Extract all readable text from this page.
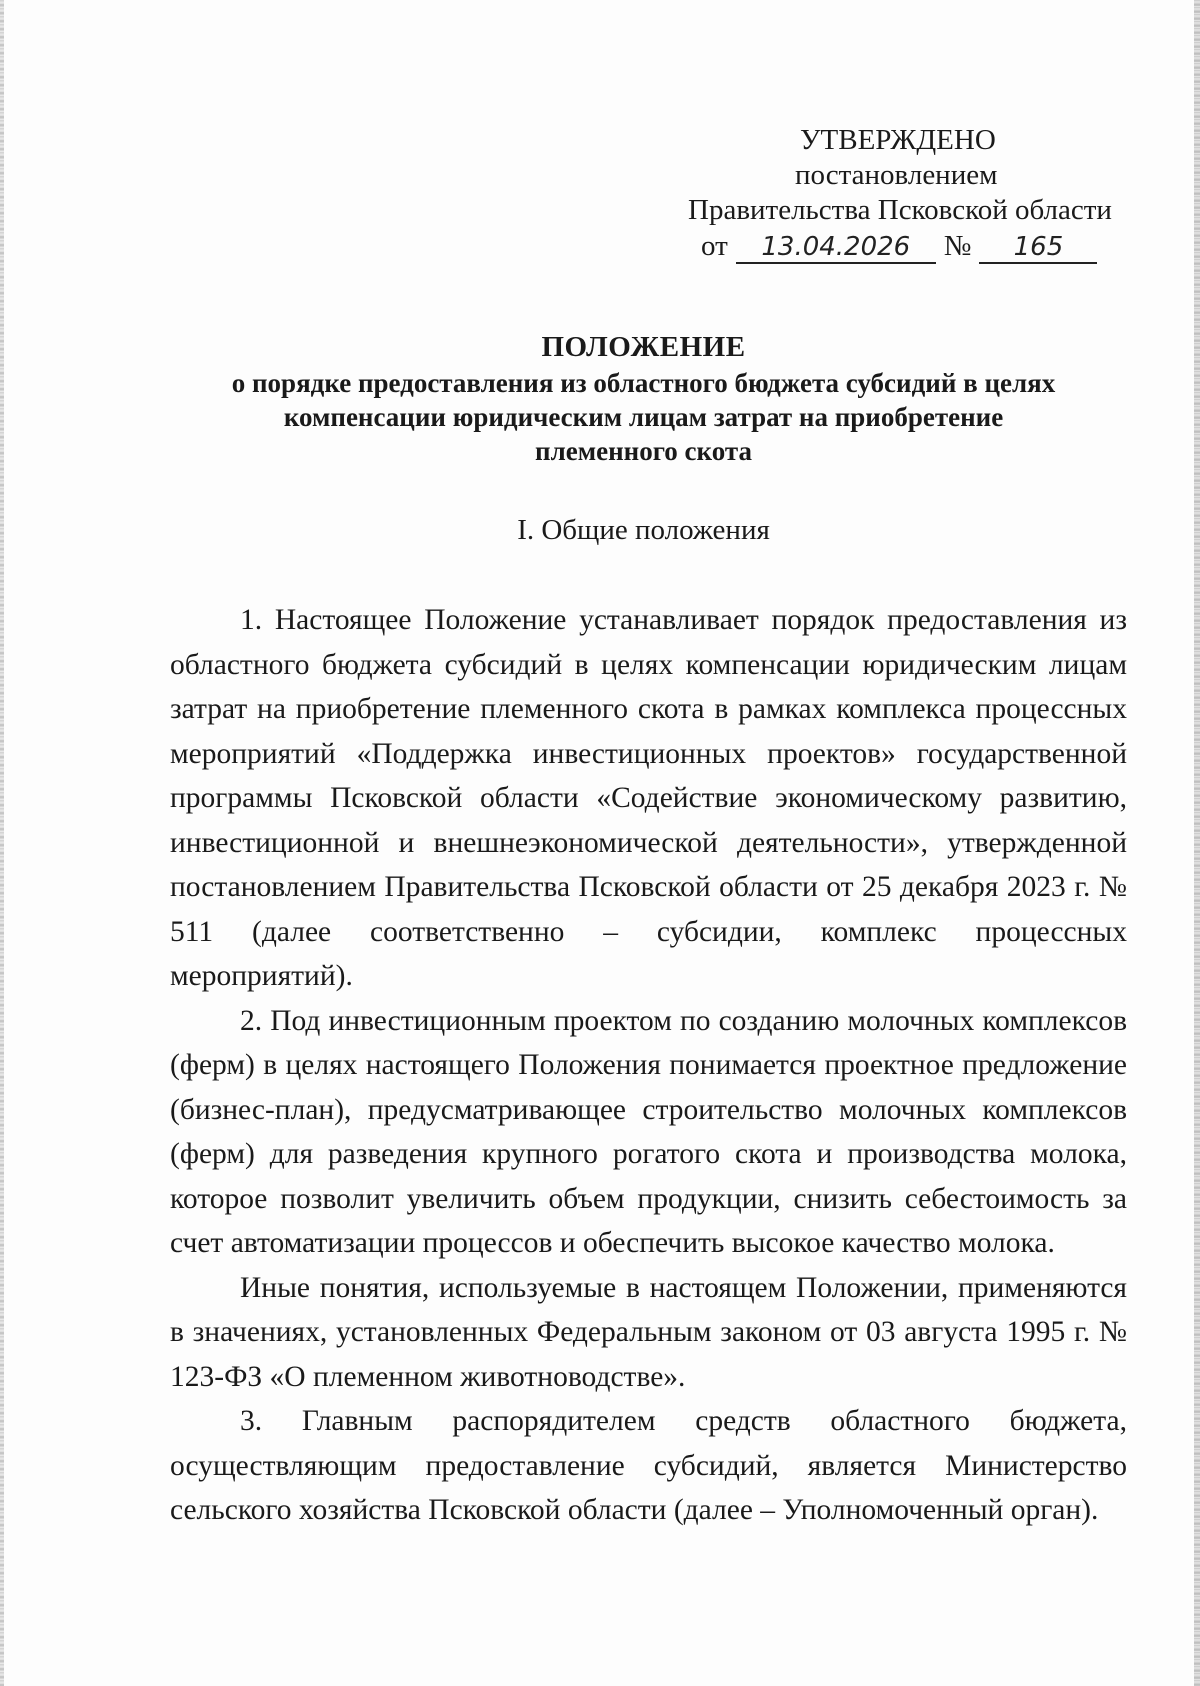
УТВЕРЖДЕНО
постановлением
Правительства Псковской области
от 13.04.2026 № 165
ПОЛОЖЕНИЕ
о порядке предоставления из областного бюджета субсидий в целях
компенсации юридическим лицам затрат на приобретение
племенного скота
I. Общие положения

1. Настоящее Положение устанавливает порядок предоставления из областного бюджета субсидий в целях компенсации юридическим лицам затрат на приобретение племенного скота в рамках комплекса процессных мероприятий «Поддержка инвестиционных проектов» государственной программы Псковской области «Содействие экономическому развитию, инвестиционной и внешнеэкономической деятельности», утвержденной постановлением Правительства Псковской области от 25 декабря 2023 г. № 511 (далее соответственно – субсидии, комплекс процессных мероприятий).

2. Под инвестиционным проектом по созданию молочных комплексов (ферм) в целях настоящего Положения понимается проектное предложение (бизнес-план), предусматривающее строительство молочных комплексов (ферм) для разведения крупного рогатого скота и производства молока, которое позволит увеличить объем продукции, снизить себестоимость за счет автоматизации процессов и обеспечить высокое качество молока.

Иные понятия, используемые в настоящем Положении, применяются в значениях, установленных Федеральным законом от 03 августа 1995 г. № 123-ФЗ «О племенном животноводстве».

3. Главным распорядителем средств областного бюджета, осуществляющим предоставление субсидий, является Министерство сельского хозяйства Псковской области (далее – Уполномоченный орган).
